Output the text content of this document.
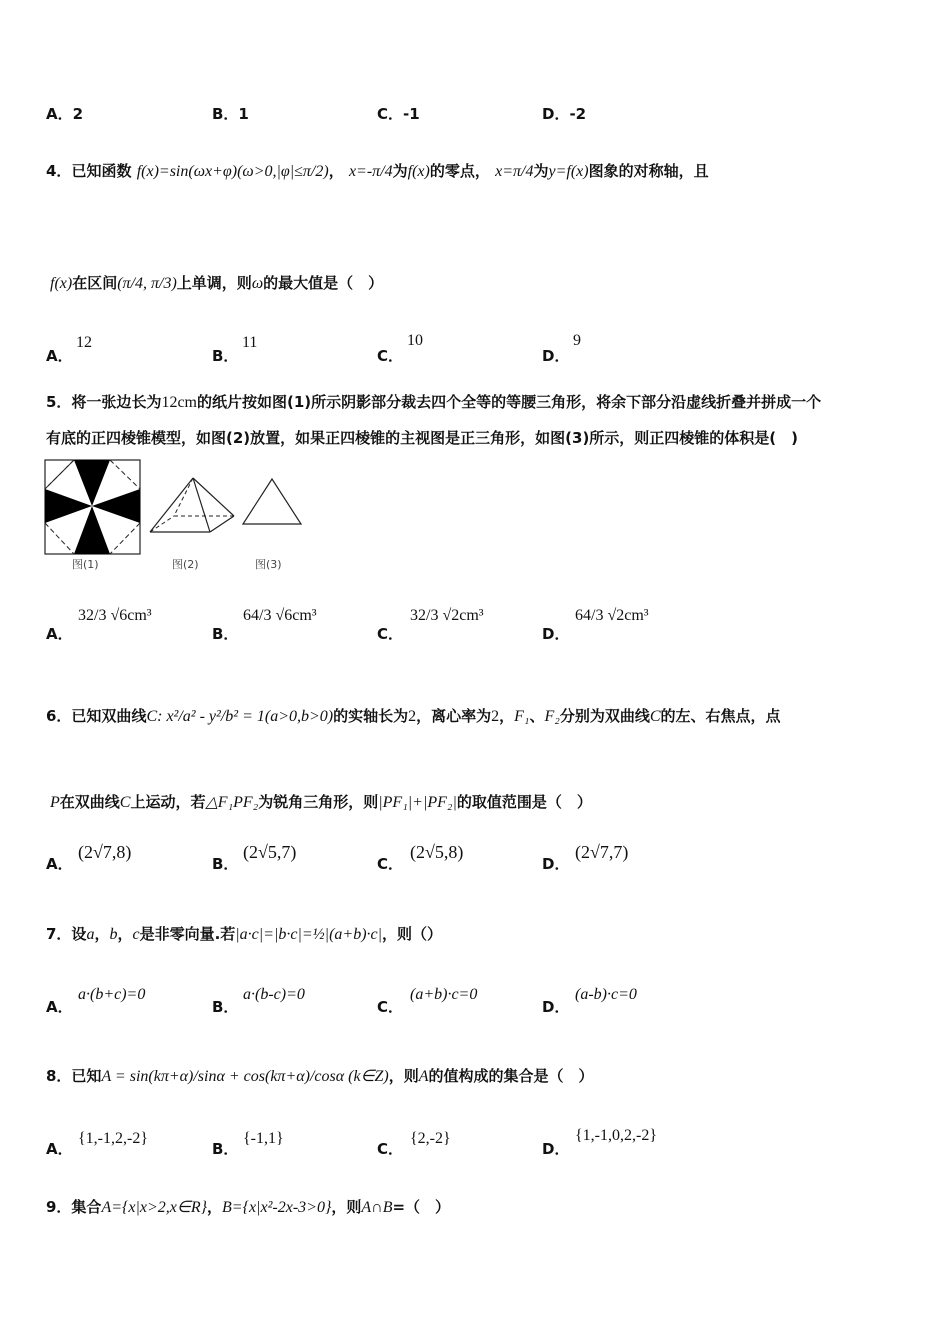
A．2	B．1	C．-1	D．-2
4．已知函数 f(x)=sin(ωx+φ)(ω>0,|φ|≤π/2)， x=-π/4为f(x)的零点， x=π/4为y=f(x)图象的对称轴，且
f(x)在区间(π/4, π/3)上单调，则ω的最大值是（　）
A．
12
B．
11
C．
10
D．
9
5．将一张边长为12cm的纸片按如图(1)所示阴影部分裁去四个全等的等腰三角形，将余下部分沿虚线折叠并拼成一个
有底的正四棱锥模型，如图(2)放置，如果正四棱锥的主视图是正三角形，如图(3)所示，则正四棱锥的体积是(　)
图(1)	图(2)	图(3)
A．
32/3 √6cm³
B．
64/3 √6cm³
C．
32/3 √2cm³
D．
64/3 √2cm³
6．已知双曲线C: x²/a² - y²/b² = 1(a>0,b>0)的实轴长为2，离心率为2，F₁、F₂分别为双曲线C的左、右焦点，点
P在双曲线C上运动，若△F₁PF₂为锐角三角形，则|PF₁|+|PF₂|的取值范围是（　）
A．
(2√7,8)
B．
(2√5,7)
C．
(2√5,8)
D．
(2√7,7)
7．设a，b，c是非零向量.若|a·c|=|b·c|=½|(a+b)·c|，则（）
A．
a·(b+c)=0
B．
a·(b-c)=0
C．
(a+b)·c=0
D．
(a-b)·c=0
8．已知A = sin(kπ+α)/sinα + cos(kπ+α)/cosα (k∈Z)，则A的值构成的集合是（　）
A．
{1,-1,2,-2}
B．
{-1,1}
C．
{2,-2}
D．
{1,-1,0,2,-2}
9．集合A={x|x>2,x∈R}，B={x|x²-2x-3>0}，则A∩B=（　）
